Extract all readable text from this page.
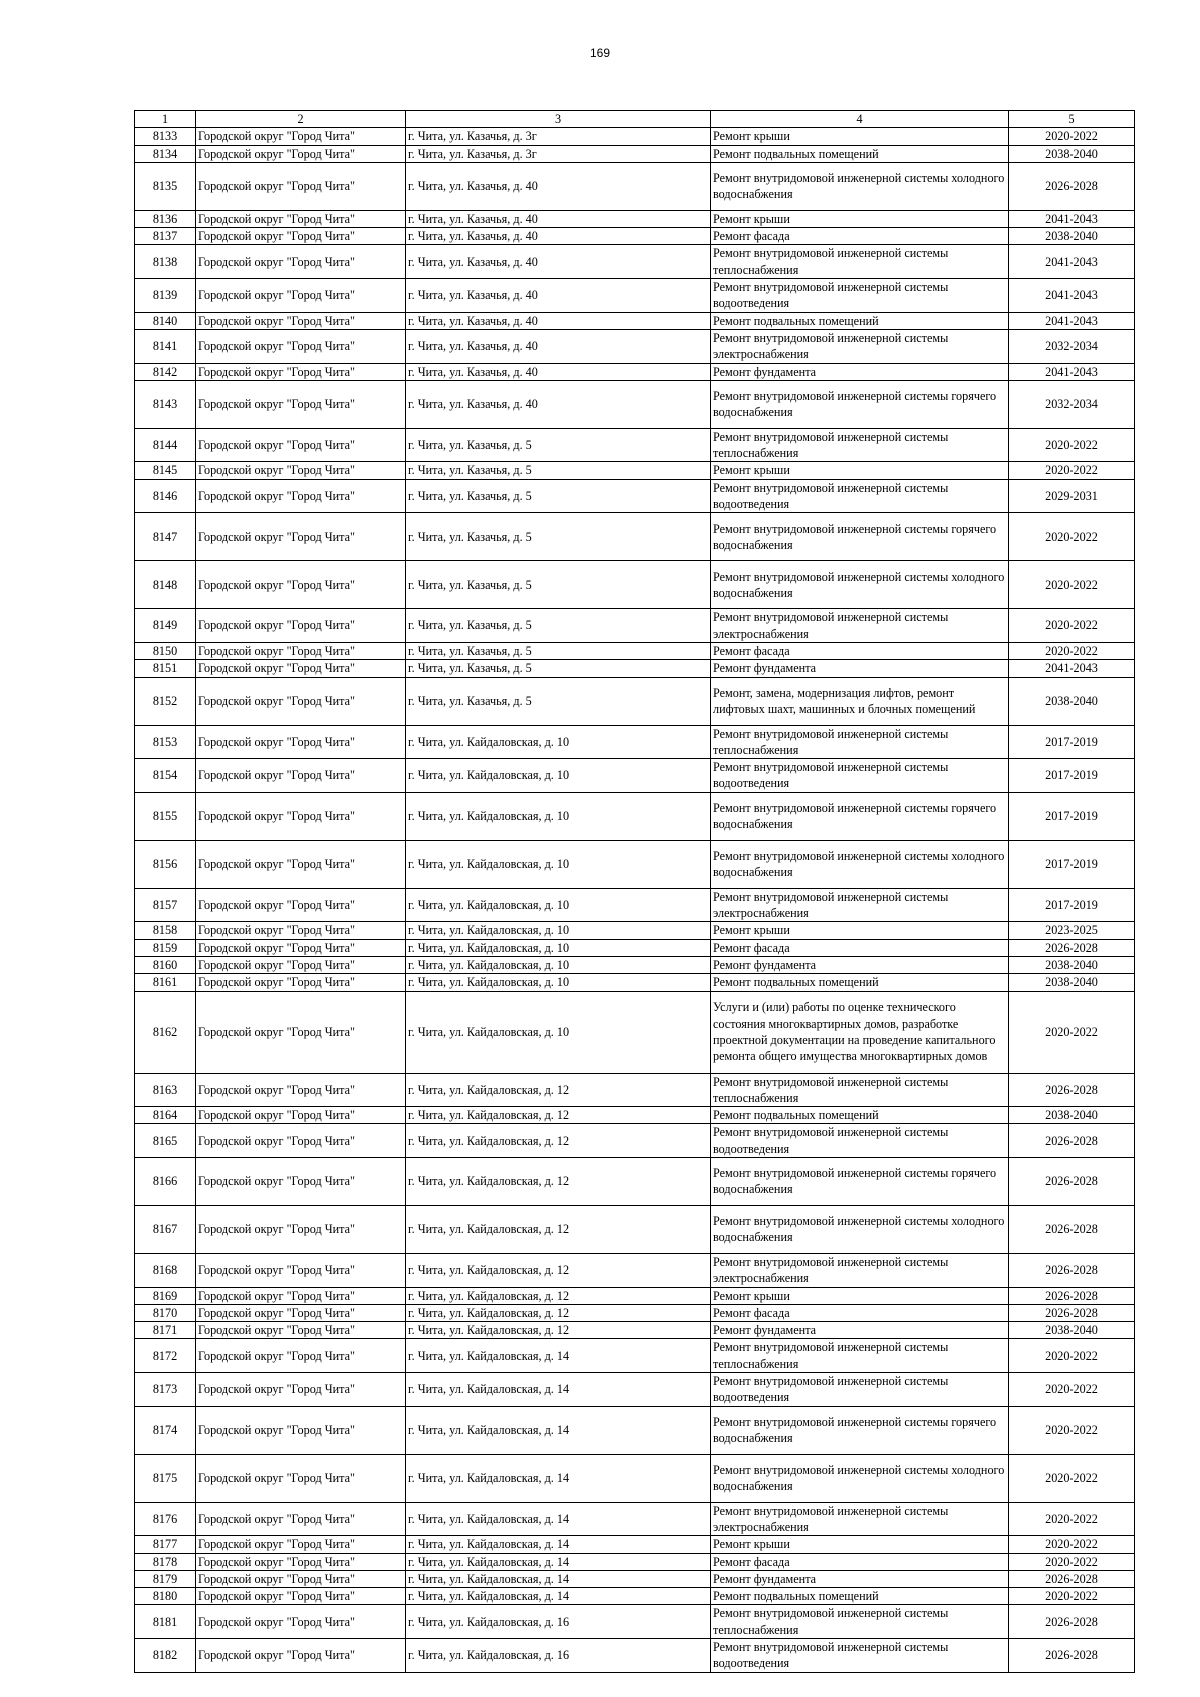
169
1	2	3	4	5
8133	Городской округ "Город Чита"	г. Чита, ул. Казачья, д. 3г	Ремонт крыши	2020-2022
8134	Городской округ "Город Чита"	г. Чита, ул. Казачья, д. 3г	Ремонт подвальных помещений	2038-2040
8135	Городской округ "Город Чита"	г. Чита, ул. Казачья, д. 40	Ремонт внутридомовой инженерной системы холодного водоснабжения	2026-2028
8136	Городской округ "Город Чита"	г. Чита, ул. Казачья, д. 40	Ремонт крыши	2041-2043
8137	Городской округ "Город Чита"	г. Чита, ул. Казачья, д. 40	Ремонт фасада	2038-2040
8138	Городской округ "Город Чита"	г. Чита, ул. Казачья, д. 40	Ремонт внутридомовой инженерной системы теплоснабжения	2041-2043
8139	Городской округ "Город Чита"	г. Чита, ул. Казачья, д. 40	Ремонт внутридомовой инженерной системы водоотведения	2041-2043
8140	Городской округ "Город Чита"	г. Чита, ул. Казачья, д. 40	Ремонт подвальных помещений	2041-2043
8141	Городской округ "Город Чита"	г. Чита, ул. Казачья, д. 40	Ремонт внутридомовой инженерной системы электроснабжения	2032-2034
8142	Городской округ "Город Чита"	г. Чита, ул. Казачья, д. 40	Ремонт фундамента	2041-2043
8143	Городской округ "Город Чита"	г. Чита, ул. Казачья, д. 40	Ремонт внутридомовой инженерной системы горячего водоснабжения	2032-2034
8144	Городской округ "Город Чита"	г. Чита, ул. Казачья, д. 5	Ремонт внутридомовой инженерной системы теплоснабжения	2020-2022
8145	Городской округ "Город Чита"	г. Чита, ул. Казачья, д. 5	Ремонт крыши	2020-2022
8146	Городской округ "Город Чита"	г. Чита, ул. Казачья, д. 5	Ремонт внутридомовой инженерной системы водоотведения	2029-2031
8147	Городской округ "Город Чита"	г. Чита, ул. Казачья, д. 5	Ремонт внутридомовой инженерной системы горячего водоснабжения	2020-2022
8148	Городской округ "Город Чита"	г. Чита, ул. Казачья, д. 5	Ремонт внутридомовой инженерной системы холодного водоснабжения	2020-2022
8149	Городской округ "Город Чита"	г. Чита, ул. Казачья, д. 5	Ремонт внутридомовой инженерной системы электроснабжения	2020-2022
8150	Городской округ "Город Чита"	г. Чита, ул. Казачья, д. 5	Ремонт фасада	2020-2022
8151	Городской округ "Город Чита"	г. Чита, ул. Казачья, д. 5	Ремонт фундамента	2041-2043
8152	Городской округ "Город Чита"	г. Чита, ул. Казачья, д. 5	Ремонт, замена, модернизация лифтов, ремонт лифтовых шахт, машинных и блочных помещений	2038-2040
8153	Городской округ "Город Чита"	г. Чита, ул. Кайдаловская, д. 10	Ремонт внутридомовой инженерной системы теплоснабжения	2017-2019
8154	Городской округ "Город Чита"	г. Чита, ул. Кайдаловская, д. 10	Ремонт внутридомовой инженерной системы водоотведения	2017-2019
8155	Городской округ "Город Чита"	г. Чита, ул. Кайдаловская, д. 10	Ремонт внутридомовой инженерной системы горячего водоснабжения	2017-2019
8156	Городской округ "Город Чита"	г. Чита, ул. Кайдаловская, д. 10	Ремонт внутридомовой инженерной системы холодного водоснабжения	2017-2019
8157	Городской округ "Город Чита"	г. Чита, ул. Кайдаловская, д. 10	Ремонт внутридомовой инженерной системы электроснабжения	2017-2019
8158	Городской округ "Город Чита"	г. Чита, ул. Кайдаловская, д. 10	Ремонт крыши	2023-2025
8159	Городской округ "Город Чита"	г. Чита, ул. Кайдаловская, д. 10	Ремонт фасада	2026-2028
8160	Городской округ "Город Чита"	г. Чита, ул. Кайдаловская, д. 10	Ремонт фундамента	2038-2040
8161	Городской округ "Город Чита"	г. Чита, ул. Кайдаловская, д. 10	Ремонт подвальных помещений	2038-2040
8162	Городской округ "Город Чита"	г. Чита, ул. Кайдаловская, д. 10	Услуги и (или) работы по оценке технического состояния многоквартирных домов, разработке проектной документации на проведение капитального ремонта общего имущества многоквартирных домов	2020-2022
8163	Городской округ "Город Чита"	г. Чита, ул. Кайдаловская, д. 12	Ремонт внутридомовой инженерной системы теплоснабжения	2026-2028
8164	Городской округ "Город Чита"	г. Чита, ул. Кайдаловская, д. 12	Ремонт подвальных помещений	2038-2040
8165	Городской округ "Город Чита"	г. Чита, ул. Кайдаловская, д. 12	Ремонт внутридомовой инженерной системы водоотведения	2026-2028
8166	Городской округ "Город Чита"	г. Чита, ул. Кайдаловская, д. 12	Ремонт внутридомовой инженерной системы горячего водоснабжения	2026-2028
8167	Городской округ "Город Чита"	г. Чита, ул. Кайдаловская, д. 12	Ремонт внутридомовой инженерной системы холодного водоснабжения	2026-2028
8168	Городской округ "Город Чита"	г. Чита, ул. Кайдаловская, д. 12	Ремонт внутридомовой инженерной системы электроснабжения	2026-2028
8169	Городской округ "Город Чита"	г. Чита, ул. Кайдаловская, д. 12	Ремонт крыши	2026-2028
8170	Городской округ "Город Чита"	г. Чита, ул. Кайдаловская, д. 12	Ремонт фасада	2026-2028
8171	Городской округ "Город Чита"	г. Чита, ул. Кайдаловская, д. 12	Ремонт фундамента	2038-2040
8172	Городской округ "Город Чита"	г. Чита, ул. Кайдаловская, д. 14	Ремонт внутридомовой инженерной системы теплоснабжения	2020-2022
8173	Городской округ "Город Чита"	г. Чита, ул. Кайдаловская, д. 14	Ремонт внутридомовой инженерной системы водоотведения	2020-2022
8174	Городской округ "Город Чита"	г. Чита, ул. Кайдаловская, д. 14	Ремонт внутридомовой инженерной системы горячего водоснабжения	2020-2022
8175	Городской округ "Город Чита"	г. Чита, ул. Кайдаловская, д. 14	Ремонт внутридомовой инженерной системы холодного водоснабжения	2020-2022
8176	Городской округ "Город Чита"	г. Чита, ул. Кайдаловская, д. 14	Ремонт внутридомовой инженерной системы электроснабжения	2020-2022
8177	Городской округ "Город Чита"	г. Чита, ул. Кайдаловская, д. 14	Ремонт крыши	2020-2022
8178	Городской округ "Город Чита"	г. Чита, ул. Кайдаловская, д. 14	Ремонт фасада	2020-2022
8179	Городской округ "Город Чита"	г. Чита, ул. Кайдаловская, д. 14	Ремонт фундамента	2026-2028
8180	Городской округ "Город Чита"	г. Чита, ул. Кайдаловская, д. 14	Ремонт подвальных помещений	2020-2022
8181	Городской округ "Город Чита"	г. Чита, ул. Кайдаловская, д. 16	Ремонт внутридомовой инженерной системы теплоснабжения	2026-2028
8182	Городской округ "Город Чита"	г. Чита, ул. Кайдаловская, д. 16	Ремонт внутридомовой инженерной системы водоотведения	2026-2028
